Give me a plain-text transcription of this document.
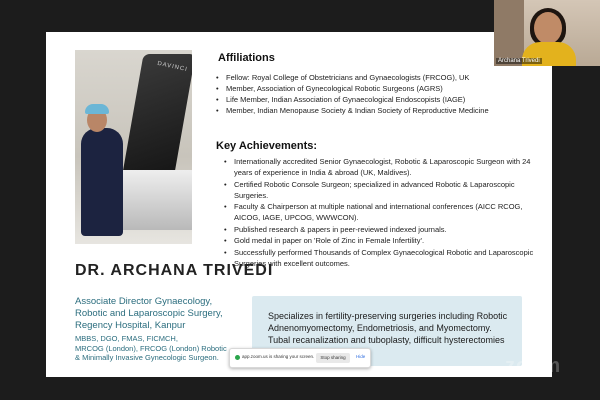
DAVINCI
DR. ARCHANA TRIVEDI
Associate Director Gynaecology,
Robotic and Laparoscopic Surgery,
Regency Hospital, Kanpur
MBBS, DGO, FMAS, FICMCH,
MRCOG (London), FRCOG (London) Robotic
& Minimally Invasive Gynecologic Surgeon.
Affiliations
• Fellow: Royal College of Obstetricians and Gynaecologists (FRCOG), UK
• Member, Association of Gynecological Robotic Surgeons (AGRS)
• Life Member, Indian Association of Gynaecological Endoscopists (IAGE)
• Member, Indian Menopause Society & Indian Society of Reproductive Medicine
Key Achievements:
• Internationally accredited Senior Gynaecologist, Robotic & Laparoscopic Surgeon with 24 years of experience in India & abroad (UK, Maldives).
• Certified Robotic Console Surgeon; specialized in advanced Robotic & Laparoscopic Surgeries.
• Faculty & Chairperson at multiple national and international conferences (AICC RCOG, AICOG, IAGE, UPCOG, WWWCON).
• Published research & papers in peer-reviewed indexed journals.
• Gold medal in paper on 'Role of Zinc in Female Infertility'.
• Successfully performed Thousands of Complex Gynaecological Robotic and Laparoscopic Surgeries with excellent outcomes.
Specializes in fertility-preserving surgeries including Robotic Adnenomyomectomy, Endometriosis, and Myomectomy. Tubal recanalization and tuboplasty, difficult hysterectomies
Archana Trivedi
app.zoom.us is sharing your screen.	Stop sharing	Hide	zoom
